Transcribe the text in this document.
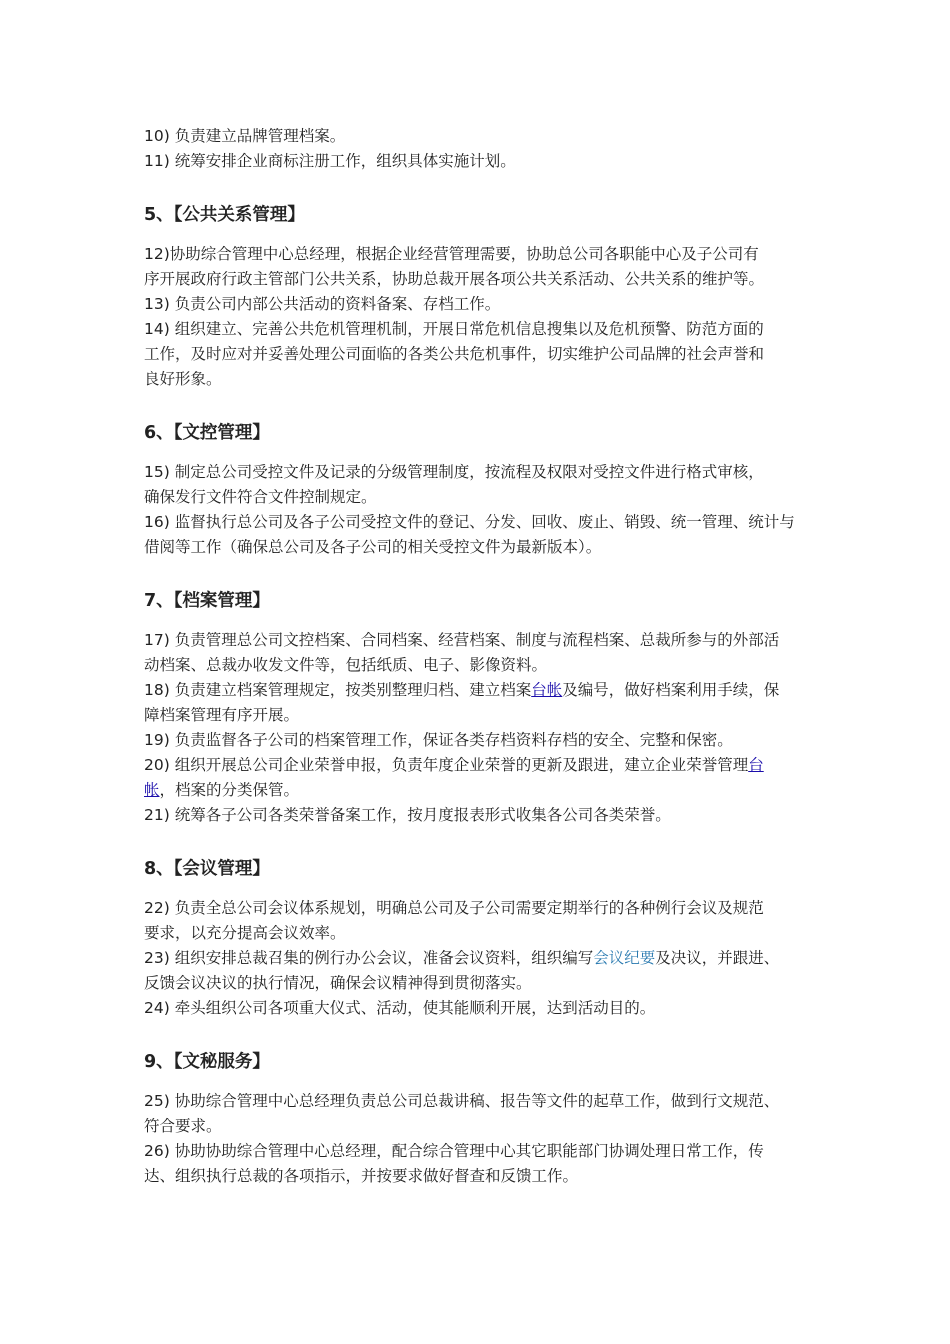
10) 负责建立品牌管理档案。

11) 统筹安排企业商标注册工作，组织具体实施计划。

5、【公共关系管理】

12)协助综合管理中心总经理，根据企业经营管理需要，协助总公司各职能中心及子公司有

序开展政府行政主管部门公共关系，协助总裁开展各项公共关系活动、公共关系的维护等。

13) 负责公司内部公共活动的资料备案、存档工作。

14) 组织建立、完善公共危机管理机制，开展日常危机信息搜集以及危机预警、防范方面的

工作，及时应对并妥善处理公司面临的各类公共危机事件，切实维护公司品牌的社会声誉和

良好形象。

6、【文控管理】

15) 制定总公司受控文件及记录的分级管理制度，按流程及权限对受控文件进行格式审核，

确保发行文件符合文件控制规定。

16) 监督执行总公司及各子公司受控文件的登记、分发、回收、废止、销毁、统一管理、统计与

借阅等工作（确保总公司及各子公司的相关受控文件为最新版本）。

7、【档案管理】

17) 负责管理总公司文控档案、合同档案、经营档案、制度与流程档案、总裁所参与的外部活

动档案、总裁办收发文件等，包括纸质、电子、影像资料。

18) 负责建立档案管理规定，按类别整理归档、建立档案台帐及编号，做好档案利用手续，保

障档案管理有序开展。

19) 负责监督各子公司的档案管理工作，保证各类存档资料存档的安全、完整和保密。

20) 组织开展总公司企业荣誉申报，负责年度企业荣誉的更新及跟进，建立企业荣誉管理台

帐，档案的分类保管。

21) 统筹各子公司各类荣誉备案工作，按月度报表形式收集各公司各类荣誉。

8、【会议管理】

22) 负责全总公司会议体系规划，明确总公司及子公司需要定期举行的各种例行会议及规范

要求，以充分提高会议效率。

23) 组织安排总裁召集的例行办公会议，准备会议资料，组织编写会议纪要及决议，并跟进、

反馈会议决议的执行情况，确保会议精神得到贯彻落实。

24) 牵头组织公司各项重大仪式、活动，使其能顺利开展，达到活动目的。

9、【文秘服务】

25) 协助综合管理中心总经理负责总公司总裁讲稿、报告等文件的起草工作，做到行文规范、

符合要求。

26) 协助协助综合管理中心总经理，配合综合管理中心其它职能部门协调处理日常工作，传

达、组织执行总裁的各项指示，并按要求做好督查和反馈工作。
